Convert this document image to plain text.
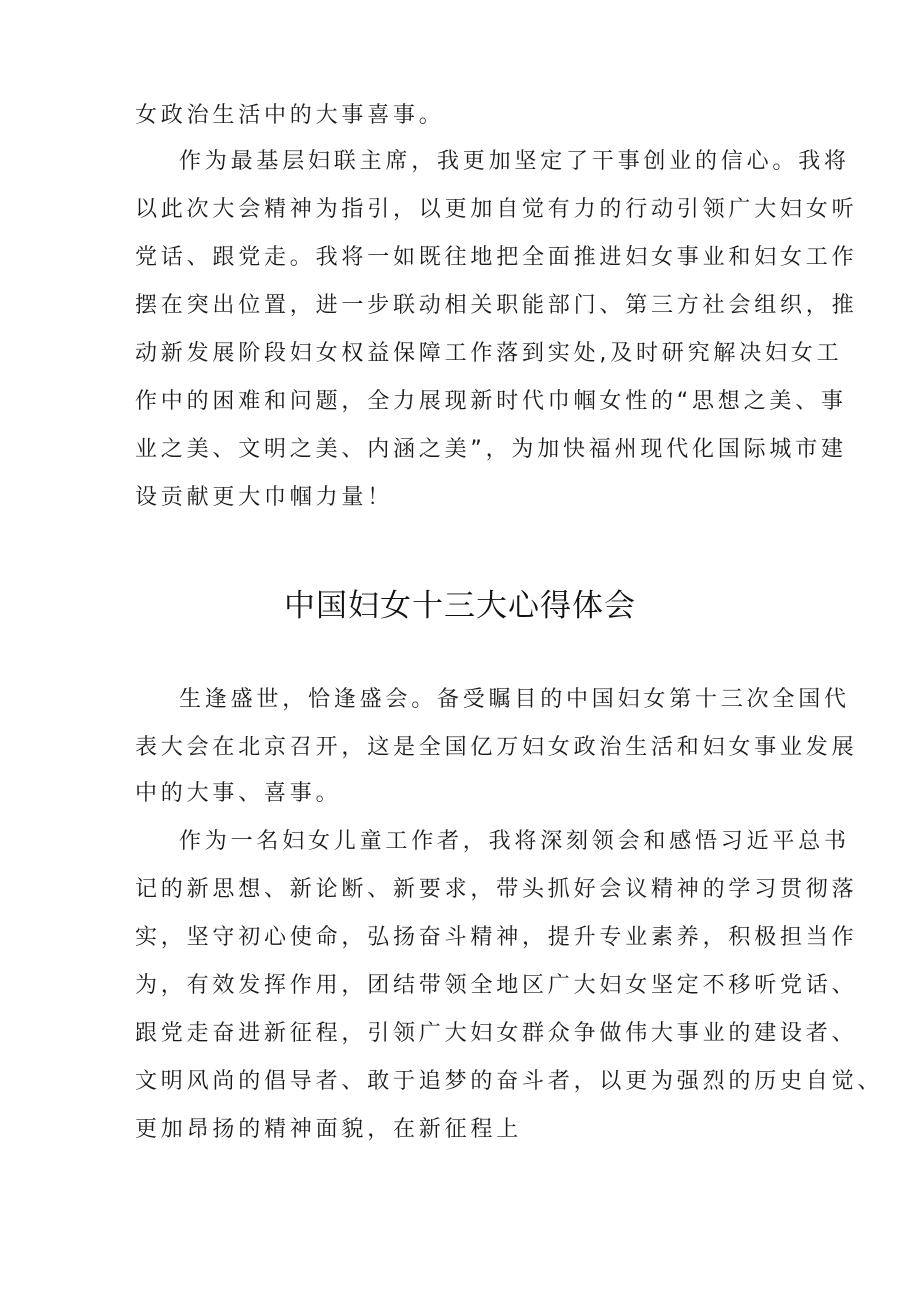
女政治生活中的大事喜事。
作为最基层妇联主席，我更加坚定了干事创业的信心。我将
以此次大会精神为指引，以更加自觉有力的行动引领广大妇女听
党话、跟党走。我将一如既往地把全面推进妇女事业和妇女工作
摆在突出位置，进一步联动相关职能部门、第三方社会组织，推
动新发展阶段妇女权益保障工作落到实处,及时研究解决妇女工
作中的困难和问题，全力展现新时代巾帼女性的“思想之美、事
业之美、文明之美、内涵之美”，为加快福州现代化国际城市建
设贡献更大巾帼力量！
中国妇女十三大心得体会
生逢盛世，恰逢盛会。备受瞩目的中国妇女第十三次全国代
表大会在北京召开，这是全国亿万妇女政治生活和妇女事业发展
中的大事、喜事。
作为一名妇女儿童工作者，我将深刻领会和感悟习近平总书
记的新思想、新论断、新要求，带头抓好会议精神的学习贯彻落
实，坚守初心使命，弘扬奋斗精神，提升专业素养，积极担当作
为，有效发挥作用，团结带领全地区广大妇女坚定不移听党话、
跟党走奋进新征程，引领广大妇女群众争做伟大事业的建设者、
文明风尚的倡导者、敢于追梦的奋斗者，以更为强烈的历史自觉、
更加昂扬的精神面貌，在新征程上
